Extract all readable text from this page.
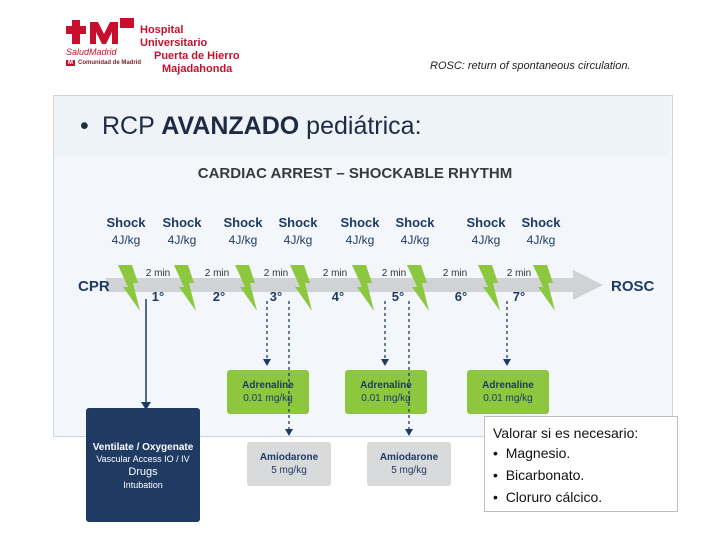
Hospital Universitario
Puerta de Hierro
Majadahonda
SaludMadrid
M Comunidad de Madrid	ROSC: return of spontaneous circulation.
• RCP AVANZADO pediátrica:
CARDIAC ARREST – SHOCKABLE RHYTHM
CPR	ROSC
Shock
4J/kg
Shock
4J/kg
Shock
4J/kg
Shock
4J/kg
Shock
4J/kg
Shock
4J/kg
Shock
4J/kg
Shock
4J/kg
2 min	2 min	2 min	2 min	2 min	2 min	2 min
1°	2°	3°	4°	5°	6°	7°
Adrenaline
0.01 mg/kg
Adrenaline
0.01 mg/kg
Adrenaline
0.01 mg/kg
Amiodarone
5 mg/kg
Amiodarone
5 mg/kg
Ventilate / Oxygenate
Vascular Access IO / IV
Drugs
Intubation
Valorar si es necesario:
•  Magnesio.
•  Bicarbonato.
•  Cloruro cálcico.
